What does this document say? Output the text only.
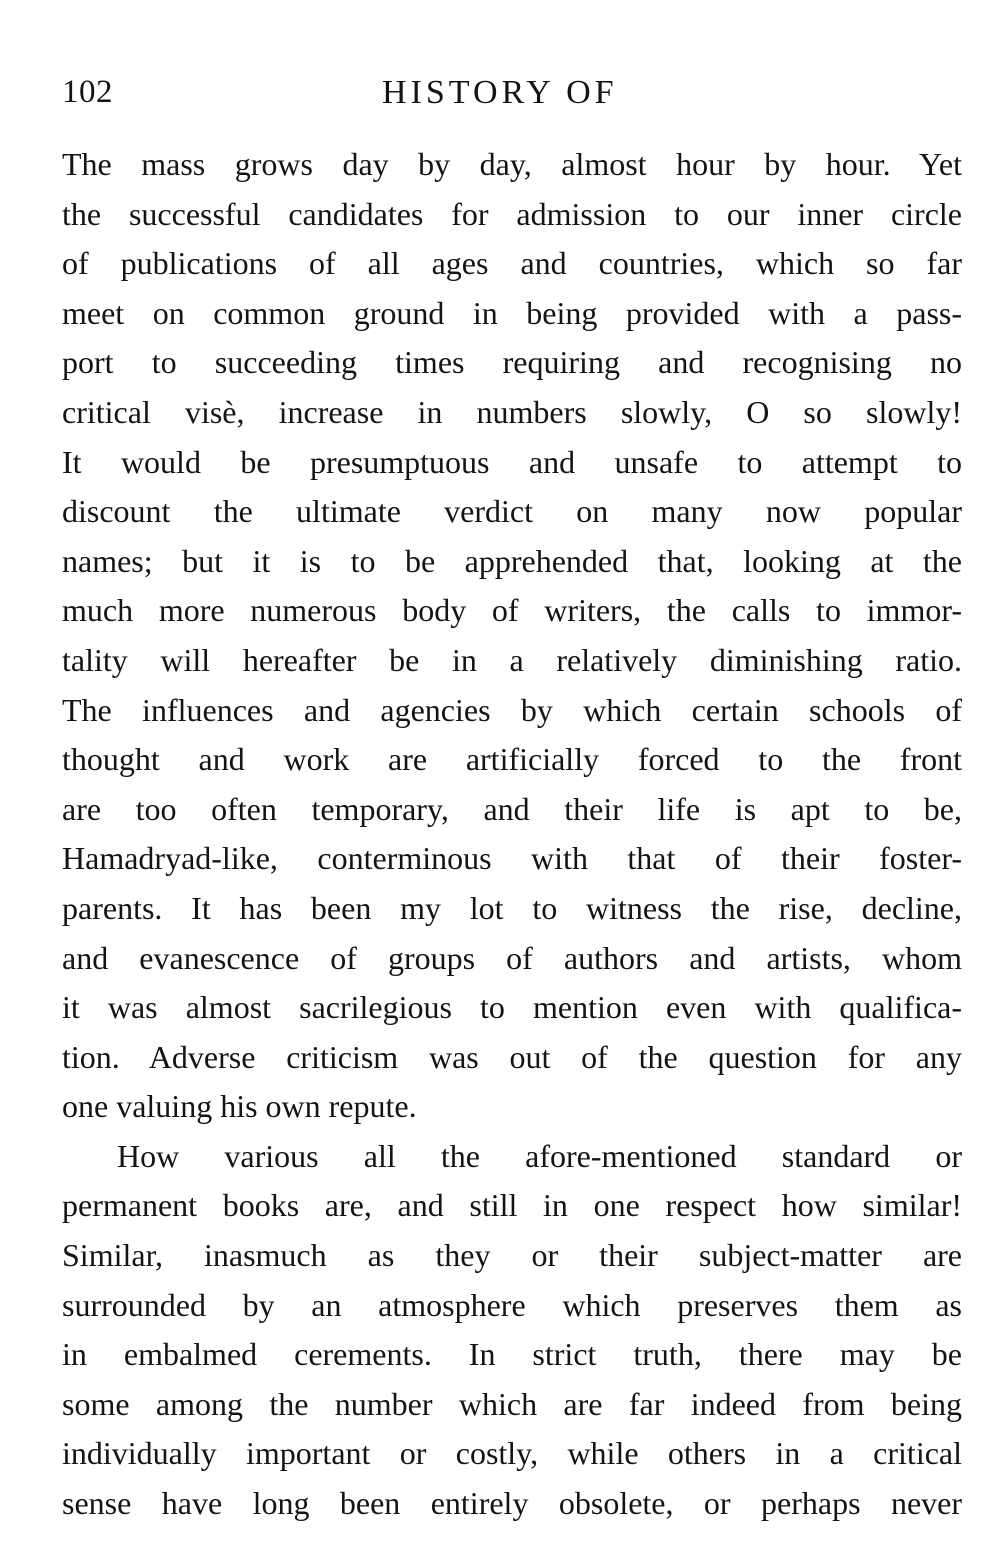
102	HISTORY OF
The mass grows day by day, almost hour by hour. Yet
the successful candidates for admission to our inner circle
of publications of all ages and countries, which so far
meet on common ground in being provided with a pass-
port to succeeding times requiring and recognising no
critical visè, increase in numbers slowly, O so slowly!
It would be presumptuous and unsafe to attempt to
discount the ultimate verdict on many now popular
names; but it is to be apprehended that, looking at the
much more numerous body of writers, the calls to immor-
tality will hereafter be in a relatively diminishing ratio.
The influences and agencies by which certain schools of
thought and work are artificially forced to the front
are too often temporary, and their life is apt to be,
Hamadryad-like, conterminous with that of their foster-
parents. It has been my lot to witness the rise, decline,
and evanescence of groups of authors and artists, whom
it was almost sacrilegious to mention even with qualifica-
tion. Adverse criticism was out of the question for any
one valuing his own repute.
How various all the afore-mentioned standard or
permanent books are, and still in one respect how similar!
Similar, inasmuch as they or their subject-matter are
surrounded by an atmosphere which preserves them as
in embalmed cerements. In strict truth, there may be
some among the number which are far indeed from being
individually important or costly, while others in a critical
sense have long been entirely obsolete, or perhaps never
